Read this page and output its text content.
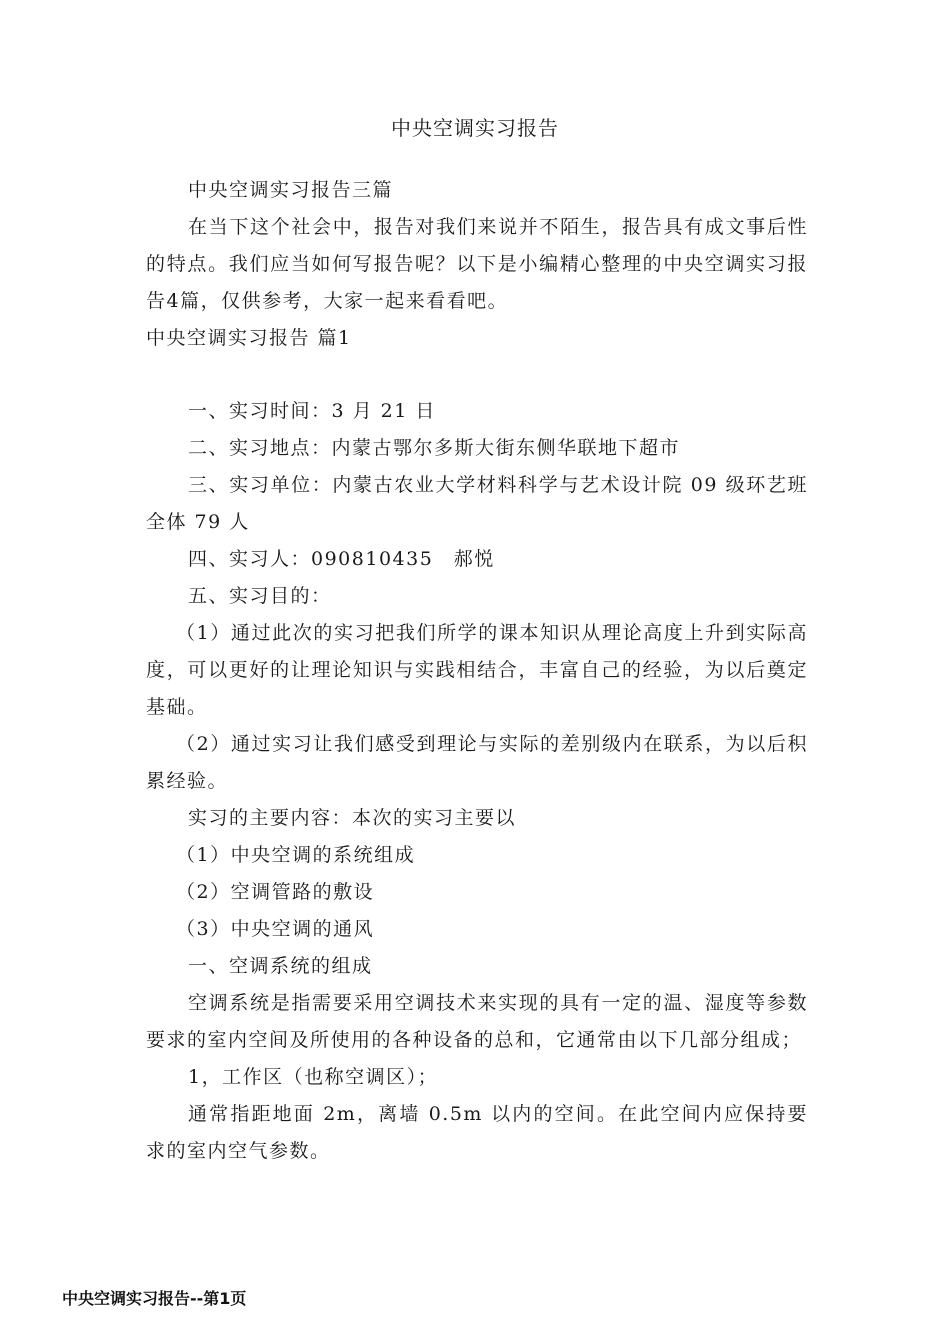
中央空调实习报告

中央空调实习报告三篇

在当下这个社会中，报告对我们来说并不陌生，报告具有成文事后性的特点。我们应当如何写报告呢？以下是小编精心整理的中央空调实习报告4篇，仅供参考，大家一起来看看吧。

中央空调实习报告 篇1

一、实习时间：3 月 21 日

二、实习地点：内蒙古鄂尔多斯大街东侧华联地下超市

三、实习单位：内蒙古农业大学材料科学与艺术设计院 09 级环艺班全体 79 人

四、实习人：090810435　郝悦

五、实习目的：

（1）通过此次的实习把我们所学的课本知识从理论高度上升到实际高度，可以更好的让理论知识与实践相结合，丰富自己的经验，为以后奠定基础。

（2）通过实习让我们感受到理论与实际的差别级内在联系，为以后积累经验。

实习的主要内容：本次的实习主要以

（1）中央空调的系统组成

（2）空调管路的敷设

（3）中央空调的通风

一、空调系统的组成

空调系统是指需要采用空调技术来实现的具有一定的温、湿度等参数要求的室内空间及所使用的各种设备的总和，它通常由以下几部分组成；

1，工作区（也称空调区）；

通常指距地面 2m，离墙 0.5m 以内的空间。在此空间内应保持要求的室内空气参数。

中央空调实习报告--第1页
